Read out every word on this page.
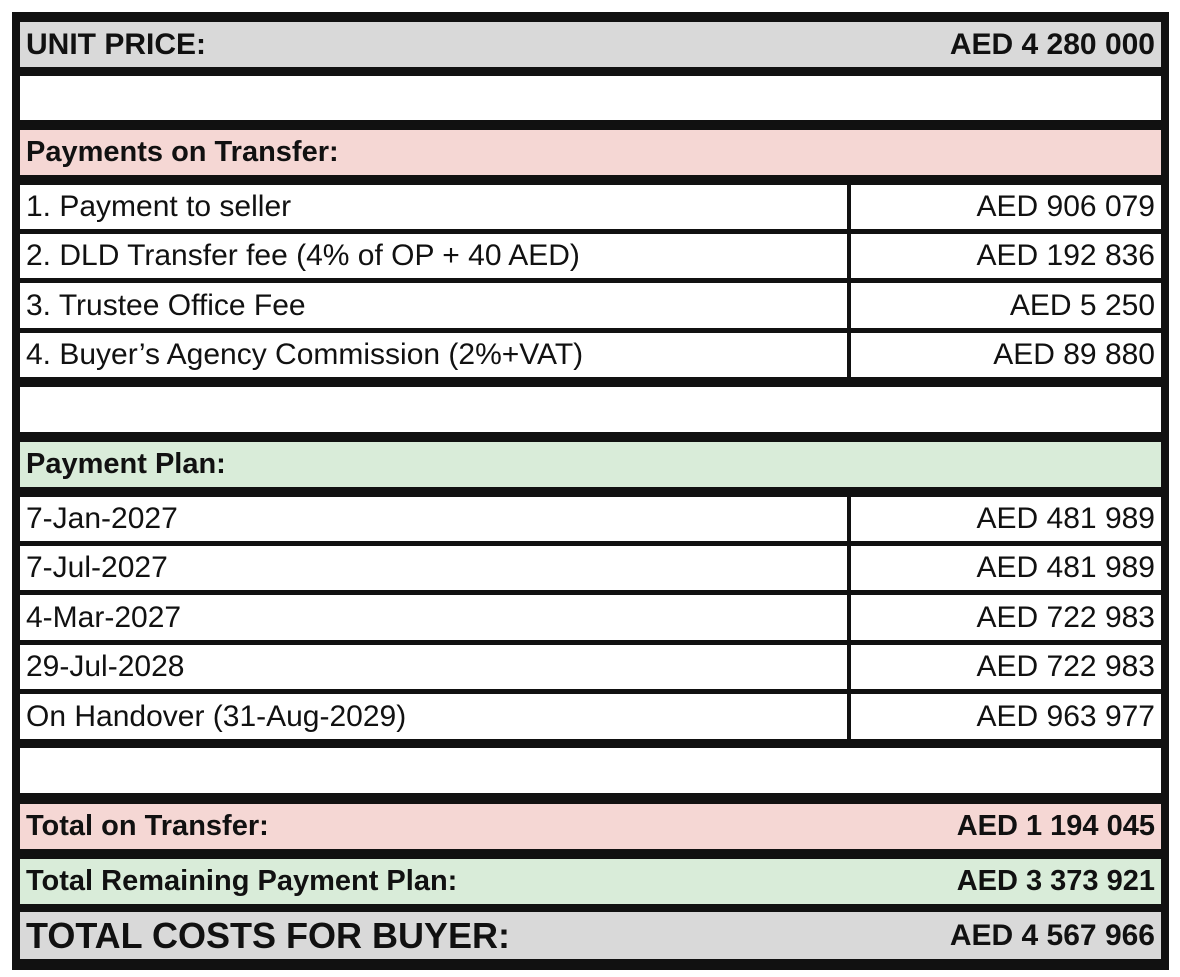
UNIT PRICE:	AED 4 280 000
Payments on Transfer:
1. Payment to seller	AED 906 079
2. DLD Transfer fee (4% of OP + 40 AED)	AED 192 836
3. Trustee Office Fee	AED 5 250
4. Buyer’s Agency Commission (2%+VAT)	AED 89 880
Payment Plan:
7-Jan-2027	AED 481 989
7-Jul-2027	AED 481 989
4-Mar-2027	AED 722 983
29-Jul-2028	AED 722 983
On Handover (31-Aug-2029)	AED 963 977
Total on Transfer:	AED 1 194 045
Total Remaining Payment Plan:	AED 3 373 921
TOTAL COSTS FOR BUYER:	AED 4 567 966
